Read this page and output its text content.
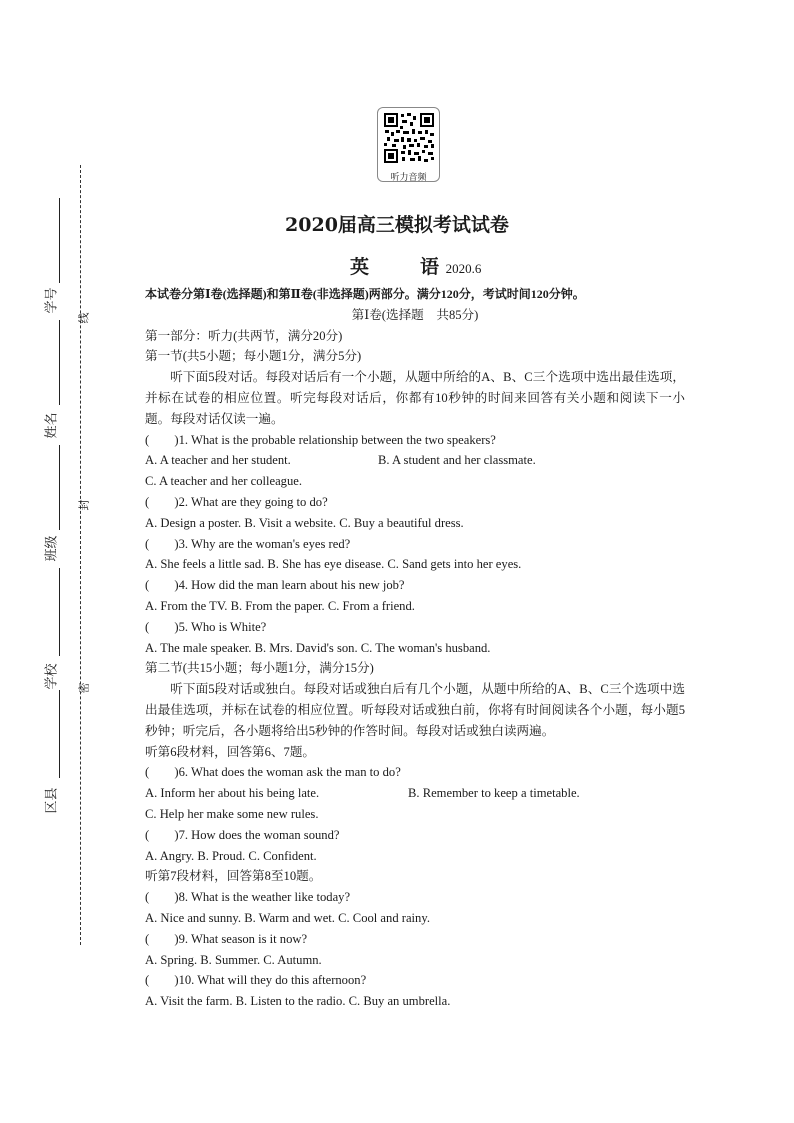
听力音频
线
封
密
学号
姓名
班级
学校
区县
2020届高三模拟考试试卷
英	语 2020.6

本试卷分第Ⅰ卷(选择题)和第Ⅱ卷(非选择题)两部分。满分120分，考试时间120分钟。

第Ⅰ卷(选择题　共85分)

第一部分：听力(共两节，满分20分)

第一节(共5小题；每小题1分，满分5分)

听下面5段对话。每段对话后有一个小题，从题中所给的A、B、C三个选项中选出最佳选项，并标在试卷的相应位置。听完每段对话后，你都有10秒钟的时间来回答有关小题和阅读下一小题。每段对话仅读一遍。

(　　)1. What is the probable relationship between the two speakers?

A. A teacher and her student.	B. A student and her classmate.

C. A teacher and her colleague.

(　　)2. What are they going to do?

A. Design a poster. B. Visit a website. C. Buy a beautiful dress.

(　　)3. Why are the woman's eyes red?

A. She feels a little sad. B. She has eye disease. C. Sand gets into her eyes.

(　　)4. How did the man learn about his new job?

A. From the TV. B. From the paper. C. From a friend.

(　　)5. Who is White?

A. The male speaker. B. Mrs. David's son. C. The woman's husband.

第二节(共15小题；每小题1分，满分15分)

听下面5段对话或独白。每段对话或独白后有几个小题，从题中所给的A、B、C三个选项中选出最佳选项，并标在试卷的相应位置。听每段对话或独白前，你将有时间阅读各个小题，每小题5秒钟；听完后，各小题将给出5秒钟的作答时间。每段对话或独白读两遍。

听第6段材料，回答第6、7题。

(　　)6. What does the woman ask the man to do?

A. Inform her about his being late.	B. Remember to keep a timetable.

C. Help her make some new rules.

(　　)7. How does the woman sound?

A. Angry. B. Proud. C. Confident.

听第7段材料，回答第8至10题。

(　　)8. What is the weather like today?

A. Nice and sunny. B. Warm and wet. C. Cool and rainy.

(　　)9. What season is it now?

A. Spring. B. Summer. C. Autumn.

(　　)10. What will they do this afternoon?

A. Visit the farm. B. Listen to the radio. C. Buy an umbrella.
